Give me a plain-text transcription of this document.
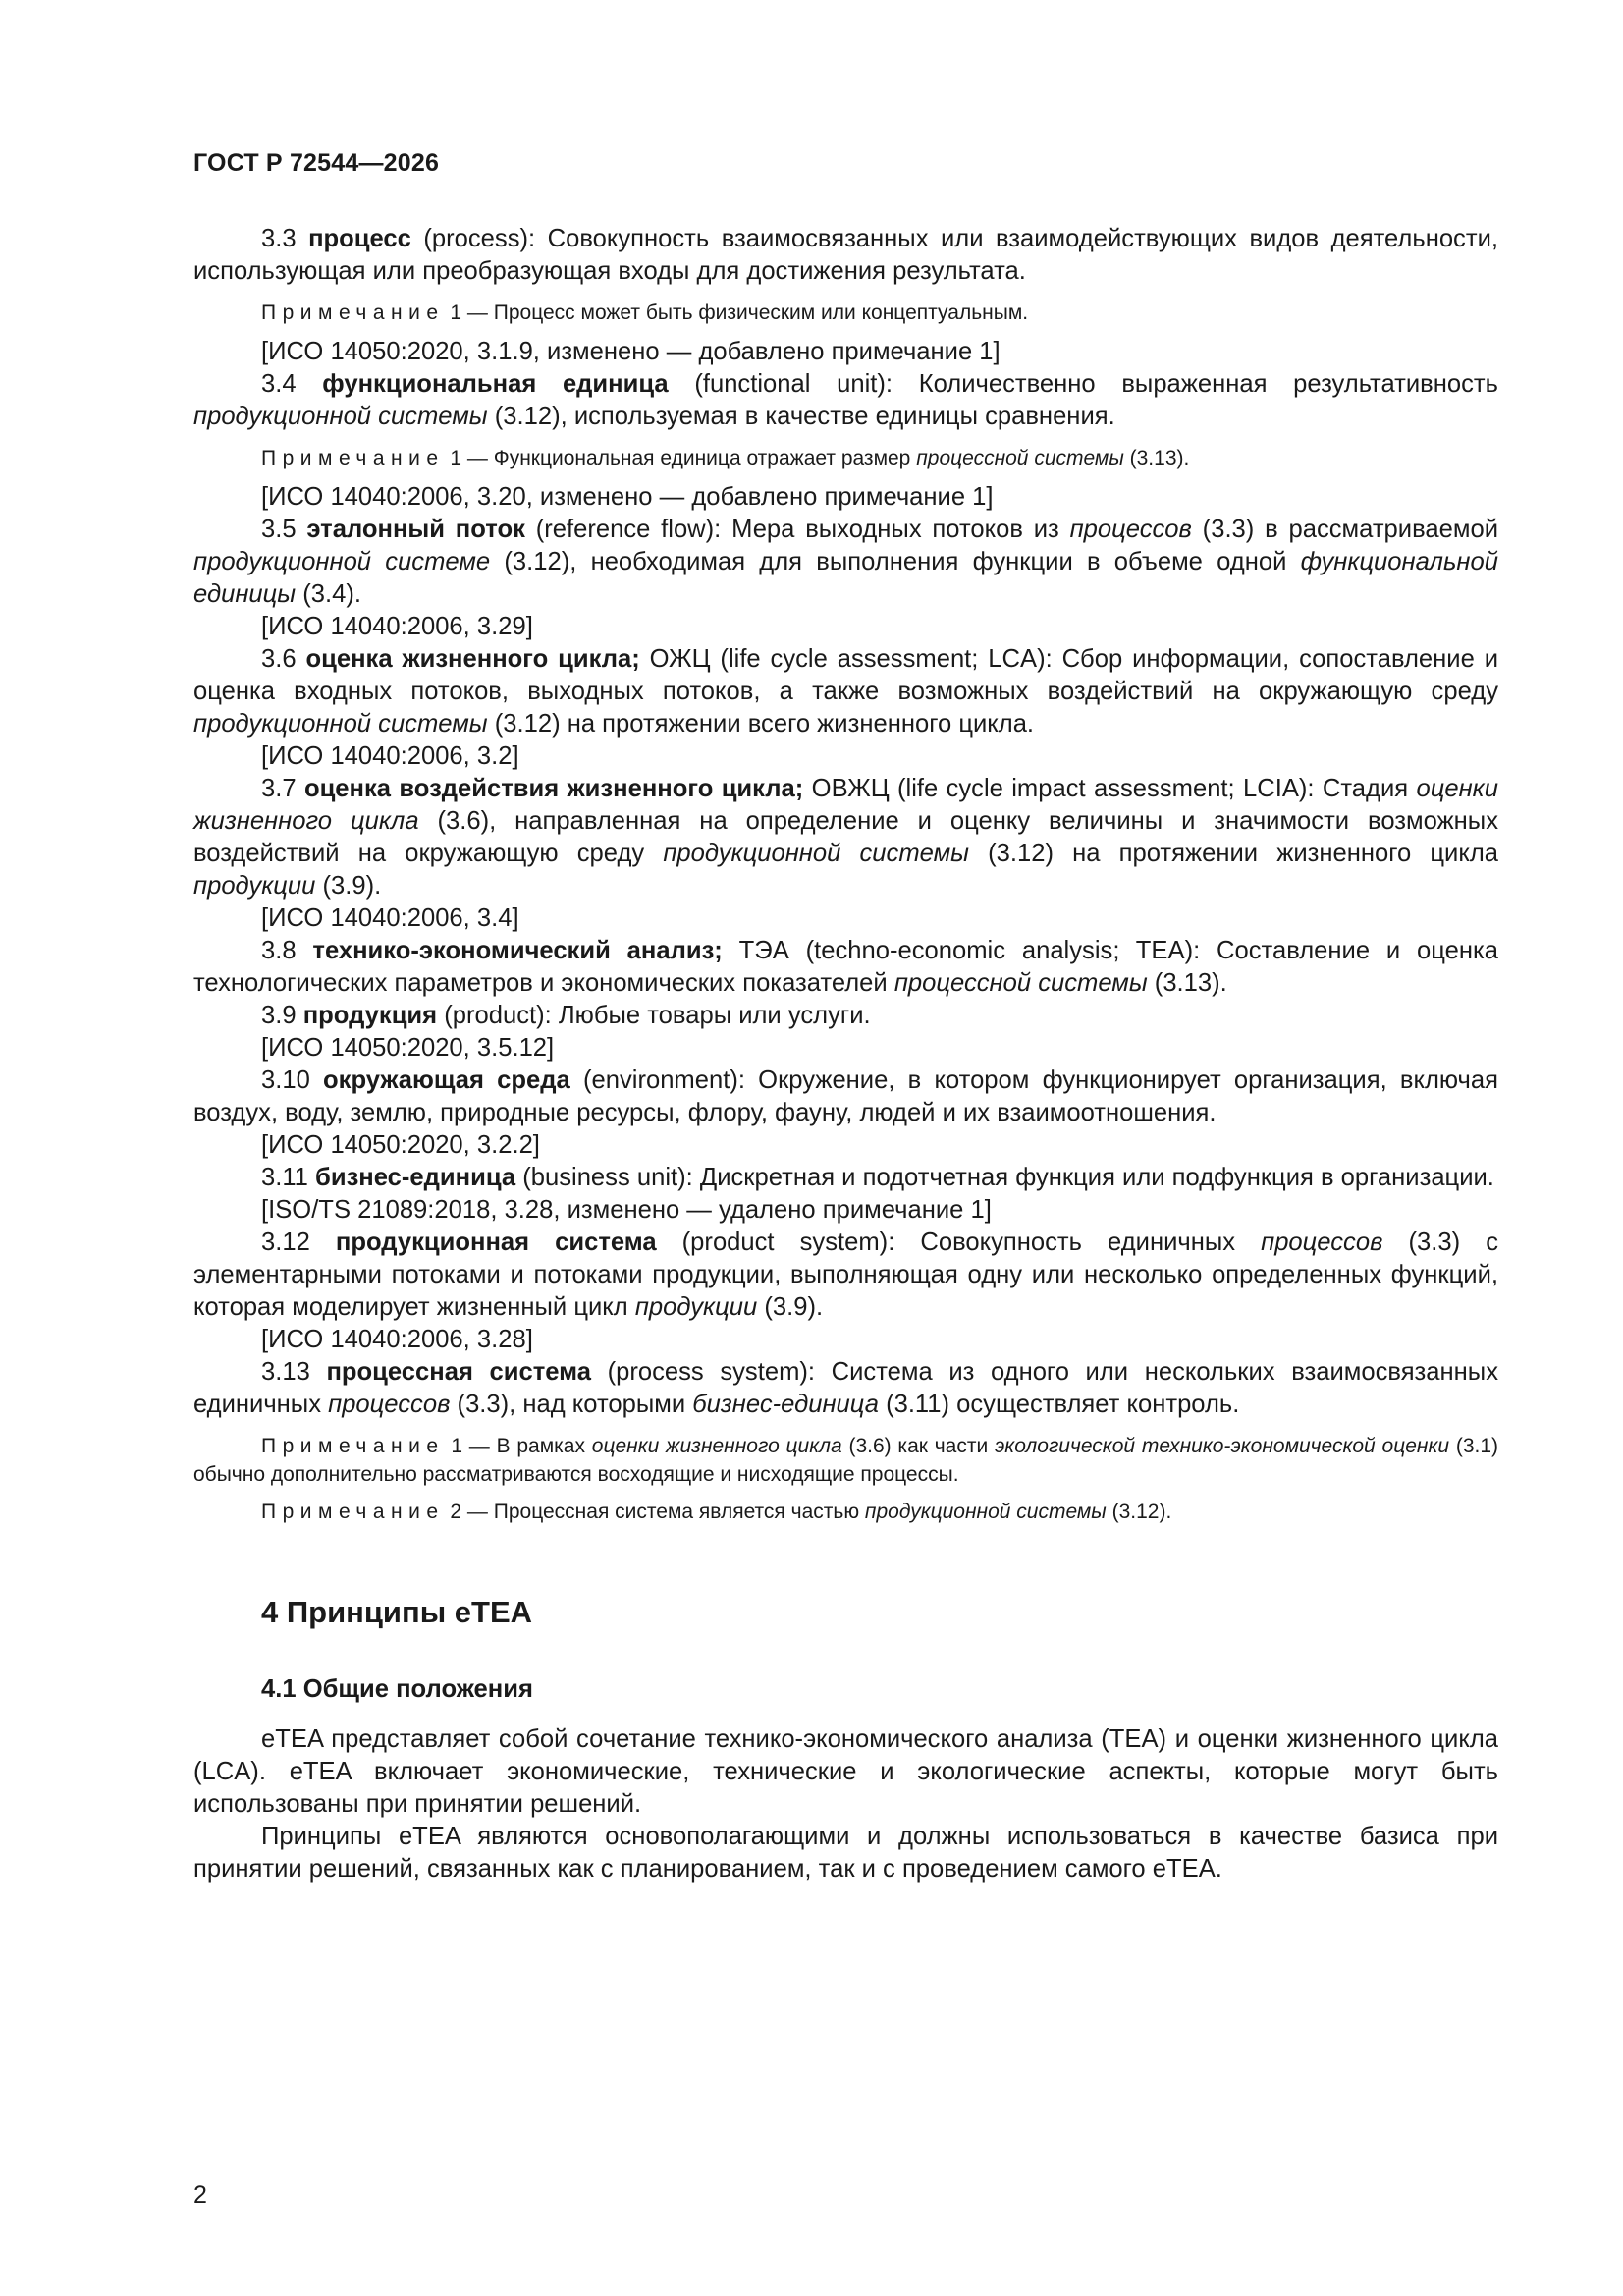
ГОСТ Р 72544—2026

3.3 процесс (process): Совокупность взаимосвязанных или взаимодействующих видов деятельности, использующая или преобразующая входы для достижения результата.

Примечание 1 — Процесс может быть физическим или концептуальным.

[ИСО 14050:2020, 3.1.9, изменено — добавлено примечание 1]

3.4 функциональная единица (functional unit): Количественно выраженная результативность продукционной системы (3.12), используемая в качестве единицы сравнения.

Примечание 1 — Функциональная единица отражает размер процессной системы (3.13).

[ИСО 14040:2006, 3.20, изменено — добавлено примечание 1]

3.5 эталонный поток (reference flow): Мера выходных потоков из процессов (3.3) в рассматриваемой продукционной системе (3.12), необходимая для выполнения функции в объеме одной функциональной единицы (3.4).

[ИСО 14040:2006, 3.29]

3.6 оценка жизненного цикла; ОЖЦ (life cycle assessment; LCA): Сбор информации, сопоставление и оценка входных потоков, выходных потоков, а также возможных воздействий на окружающую среду продукционной системы (3.12) на протяжении всего жизненного цикла.

[ИСО 14040:2006, 3.2]

3.7 оценка воздействия жизненного цикла; ОВЖЦ (life cycle impact assessment; LCIA): Стадия оценки жизненного цикла (3.6), направленная на определение и оценку величины и значимости возможных воздействий на окружающую среду продукционной системы (3.12) на протяжении жизненного цикла продукции (3.9).

[ИСО 14040:2006, 3.4]

3.8 технико-экономический анализ; ТЭА (techno-economic analysis; TEA): Составление и оценка технологических параметров и экономических показателей процессной системы (3.13).

3.9 продукция (product): Любые товары или услуги.

[ИСО 14050:2020, 3.5.12]

3.10 окружающая среда (environment): Окружение, в котором функционирует организация, включая воздух, воду, землю, природные ресурсы, флору, фауну, людей и их взаимоотношения.

[ИСО 14050:2020, 3.2.2]

3.11 бизнес-единица (business unit): Дискретная и подотчетная функция или подфункция в организации.

[ISO/TS 21089:2018, 3.28, изменено — удалено примечание 1]

3.12 продукционная система (product system): Совокупность единичных процессов (3.3) с элементарными потоками и потоками продукции, выполняющая одну или несколько определенных функций, которая моделирует жизненный цикл продукции (3.9).

[ИСО 14040:2006, 3.28]

3.13 процессная система (process system): Система из одного или нескольких взаимосвязанных единичных процессов (3.3), над которыми бизнес-единица (3.11) осуществляет контроль.

Примечание 1 — В рамках оценки жизненного цикла (3.6) как части экологической технико-экономической оценки (3.1) обычно дополнительно рассматриваются восходящие и нисходящие процессы.

Примечание 2 — Процессная система является частью продукционной системы (3.12).

4 Принципы eTEA
4.1 Общие положения

eTEA представляет собой сочетание технико-экономического анализа (TEA) и оценки жизненного цикла (LCA). eTEA включает экономические, технические и экологические аспекты, которые могут быть использованы при принятии решений.

Принципы eTEA являются основополагающими и должны использоваться в качестве базиса при принятии решений, связанных как с планированием, так и с проведением самого eTEA.

2
